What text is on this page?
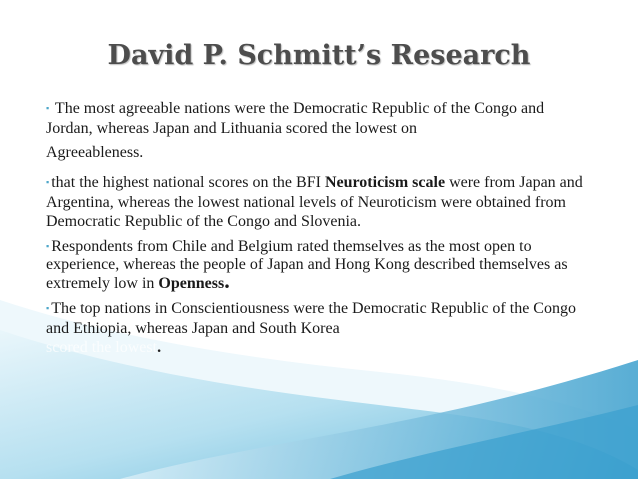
David P. Schmitt’s Research

▪ The most agreeable nations were the Democratic Republic of the Congo and Jordan, whereas Japan and Lithuania scored the lowest on
Agreeableness.

▪ that the highest national scores on the BFI Neuroticism scale were from Japan and Argentina, whereas the lowest national levels of Neuroticism were obtained from Democratic Republic of the Congo and Slovenia.

▪ Respondents from Chile and Belgium rated themselves as the most open to experience, whereas the people of Japan and Hong Kong described themselves as extremely low in Openness.

▪ The top nations in Conscientiousness were the Democratic Republic of the Congo and Ethiopia, whereas Japan and South Korea
scored the lowest.
